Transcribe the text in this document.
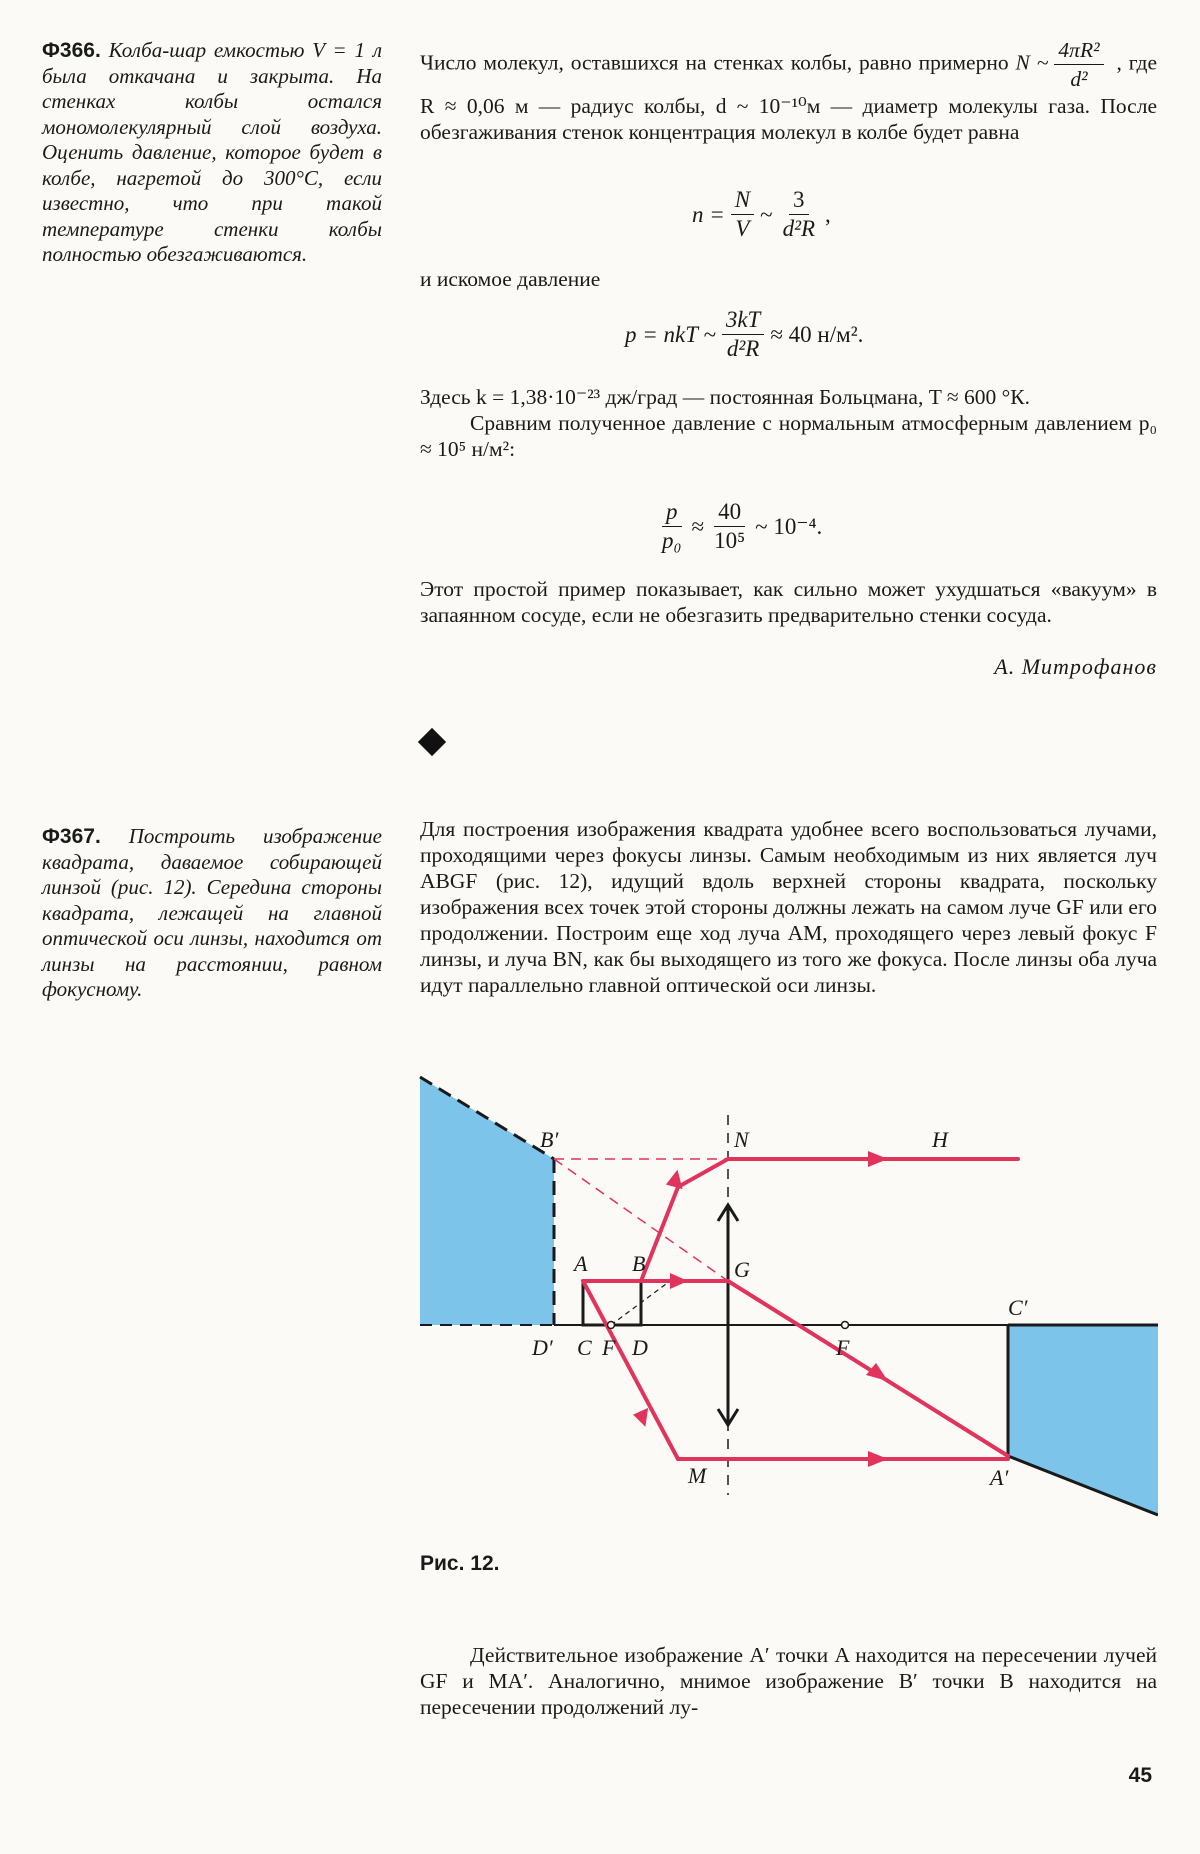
Ф366. Колба-шар емкостью V = 1 л была откачана и закрыта. На стенках колбы остался мономолекулярный слой воздуха. Оценить давление, которое будет в колбе, нагретой до 300°С, если известно, что при такой температуре стенки колбы полностью обезгаживаются.

Число молекул, оставшихся на стенках колбы, равно примерно N ~ $\frac{\text{4πR²}}{\text{d²}}$ , где R ≈ 0,06 м — радиус колбы, d ~ 10⁻¹⁰м — диаметр молекулы газа. После обезгаживания стенок концентрация молекул в колбе будет равна

$n = \frac{N}{V}$ ~ $\frac{3}{\text{d²R}}$ ,

и искомое давление

p = nkT ~ $\frac{3kT}{\text{d²R}} \approx 40$ н/м².

Здесь k = 1,38·10⁻²³ дж/град — постоянная Больцмана, T ≈ 600 °К.

Сравним полученное давление с нормальным атмосферным давлением p₀ ≈ 10⁵ н/м²:

$\frac{p}{\text{p₀}} \approx \frac{40}{\text{10⁵}}$ ~ 10⁻⁴.

Этот простой пример показывает, как сильно может ухудшаться «вакуум» в запаянном сосуде, если не обезгазить предварительно стенки сосуда.

А. Митрофанов

Ф367. Построить изображение квадрата, даваемое собирающей линзой (рис. 12). Середина стороны квадрата, лежащей на главной оптической оси линзы, находится от линзы на расстоянии, равном фокусному.

Для построения изображения квадрата удобнее всего воспользоваться лучами, проходящими через фокусы линзы. Самым необходимым из них является луч ABGF (рис. 12), идущий вдоль верхней стороны квадрата, поскольку изображения всех точек этой стороны должны лежать на самом луче GF или его продолжении. Построим еще ход луча AM, проходящего через левый фокус F линзы, и луча BN, как бы выходящего из того же фокуса. После линзы оба луча идут параллельно главной оптической оси линзы.

B′	N	H
A B	G
C F D
D′	F
C′
M	A′
Рис. 12.

Действительное изображение A′ точки A находится на пересечении лучей GF и MA′. Аналогично, мнимое изображение B′ точки B находится на пересечении продолжений лу-

45
